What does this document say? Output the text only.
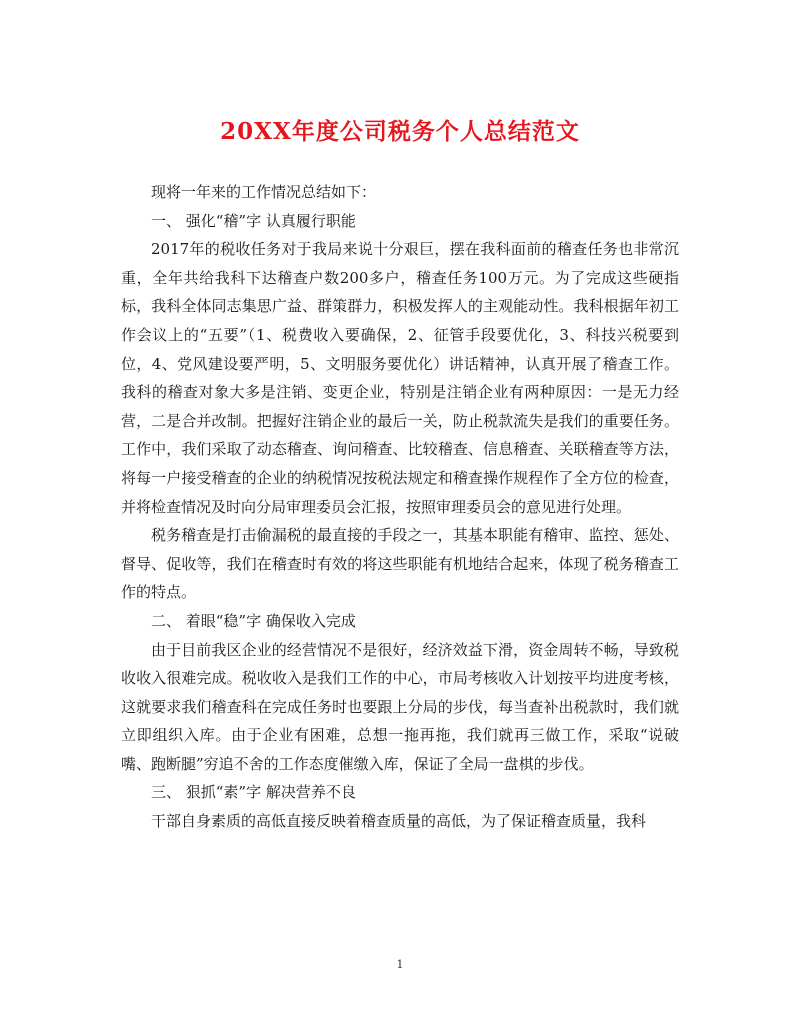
20XX年度公司税务个人总结范文

现将一年来的工作情况总结如下：

一、 强化“稽”字 认真履行职能

2017年的税收任务对于我局来说十分艰巨，摆在我科面前的稽查任务也非常沉重，全年共给我科下达稽查户数200多户，稽查任务100万元。为了完成这些硬指标，我科全体同志集思广益、群策群力，积极发挥人的主观能动性。我科根据年初工作会议上的“五要”（1、税费收入要确保，2、征管手段要优化，3、科技兴税要到位，4、党风建设要严明，5、文明服务要优化）讲话精神，认真开展了稽查工作。我科的稽查对象大多是注销、变更企业，特别是注销企业有两种原因：一是无力经营，二是合并改制。把握好注销企业的最后一关，防止税款流失是我们的重要任务。工作中，我们采取了动态稽查、询问稽查、比较稽查、信息稽查、关联稽查等方法，将每一户接受稽查的企业的纳税情况按税法规定和稽查操作规程作了全方位的检查，并将检查情况及时向分局审理委员会汇报，按照审理委员会的意见进行处理。

税务稽查是打击偷漏税的最直接的手段之一，其基本职能有稽审、监控、惩处、督导、促收等，我们在稽查时有效的将这些职能有机地结合起来，体现了税务稽查工作的特点。

二、 着眼“稳”字 确保收入完成

由于目前我区企业的经营情况不是很好，经济效益下滑，资金周转不畅，导致税收收入很难完成。税收收入是我们工作的中心，市局考核收入计划按平均进度考核，这就要求我们稽查科在完成任务时也要跟上分局的步伐，每当查补出税款时，我们就立即组织入库。由于企业有困难，总想一拖再拖，我们就再三做工作，采取“说破嘴、跑断腿”穷追不舍的工作态度催缴入库，保证了全局一盘棋的步伐。

三、 狠抓“素”字 解决营养不良

干部自身素质的高低直接反映着稽查质量的高低，为了保证稽查质量，我科

1
